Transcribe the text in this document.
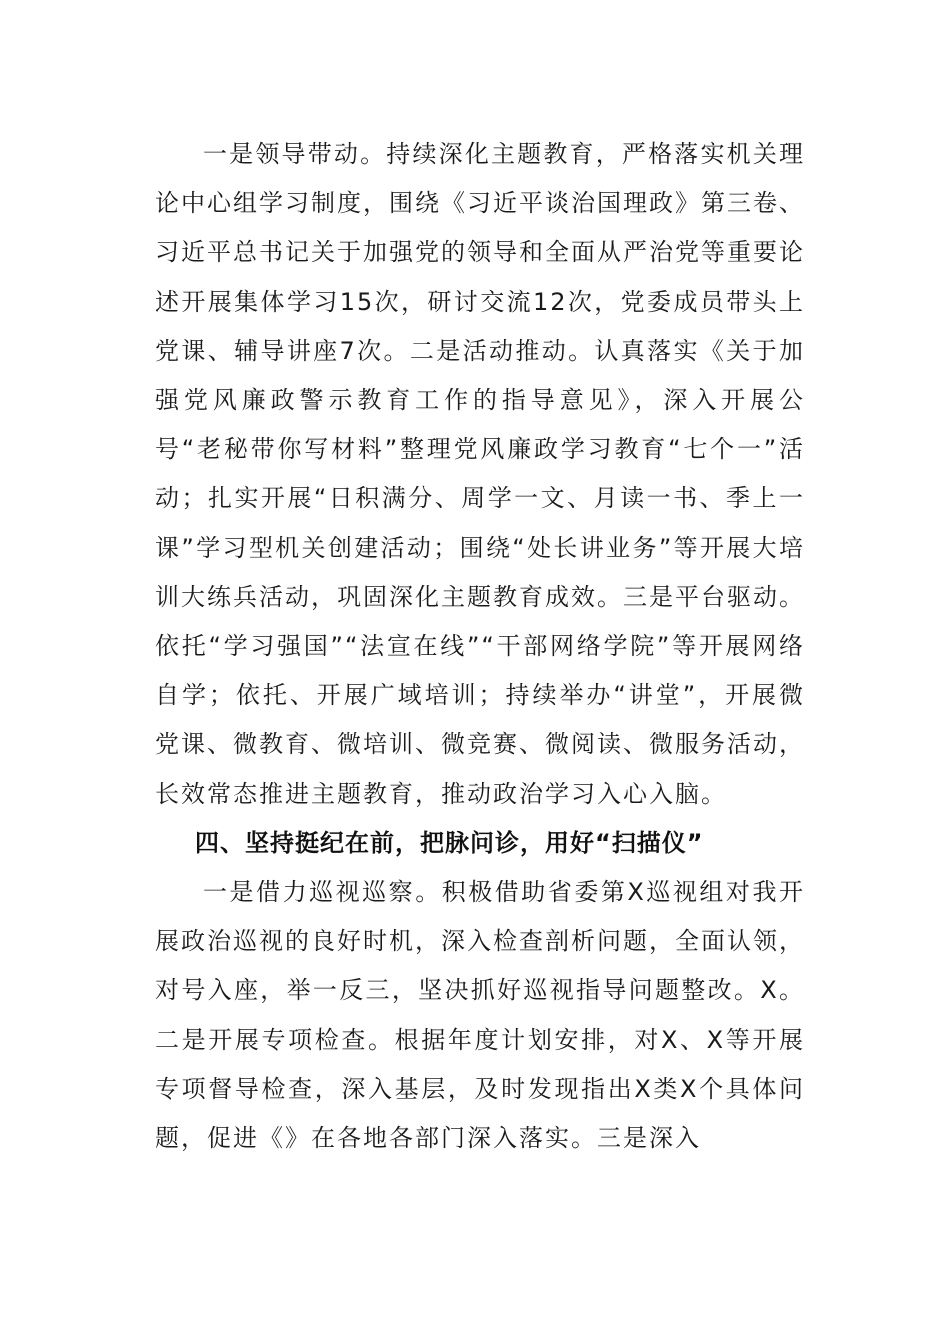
一是领导带动。持续深化主题教育，严格落实机关理论中心组学习制度，围绕《习近平谈治国理政》第三卷、习近平总书记关于加强党的领导和全面从严治党等重要论述开展集体学习15次，研讨交流12次，党委成员带头上党课、辅导讲座7次。二是活动推动。认真落实《关于加强党风廉政警示教育工作的指导意见》，深入开展公号“老秘带你写材料”整理党风廉政学习教育“七个一”活动；扎实开展“日积满分、周学一文、月读一书、季上一课”学习型机关创建活动；围绕“处长讲业务”等开展大培训大练兵活动，巩固深化主题教育成效。三是平台驱动。依托“学习强国”“法宣在线”“干部网络学院”等开展网络自学；依托、开展广域培训；持续举办“讲堂”，开展微党课、微教育、微培训、微竞赛、微阅读、微服务活动，长效常态推进主题教育，推动政治学习入心入脑。

四、坚持挺纪在前，把脉问诊，用好“扫描仪”

一是借力巡视巡察。积极借助省委第X巡视组对我开展政治巡视的良好时机，深入检查剖析问题，全面认领，对号入座，举一反三，坚决抓好巡视指导问题整改。X。二是开展专项检查。根据年度计划安排，对X、X等开展专项督导检查，深入基层，及时发现指出X类X个具体问题，促进《》在各地各部门深入落实。三是深入
